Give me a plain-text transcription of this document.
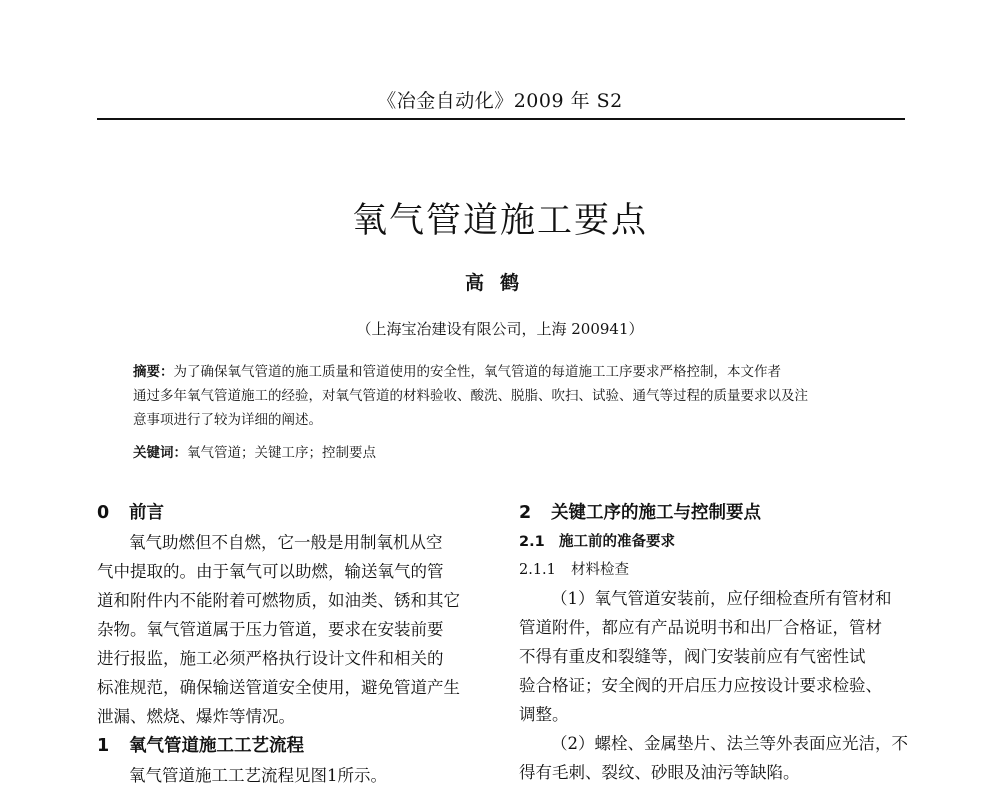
《冶金自动化》2009 年 S2
氧气管道施工要点
高鹤
（上海宝冶建设有限公司，上海 200941）
摘要：为了确保氧气管道的施工质量和管道使用的安全性，氧气管道的每道施工工序要求严格控制，本文作者
通过多年氧气管道施工的经验，对氧气管道的材料验收、酸洗、脱脂、吹扫、试验、通气等过程的质量要求以及注
意事项进行了较为详细的阐述。
关键词：氧气管道；关键工序；控制要点
0 前言
氧气助燃但不自燃，它一般是用制氧机从空
气中提取的。由于氧气可以助燃，输送氧气的管
道和附件内不能附着可燃物质，如油类、锈和其它
杂物。氧气管道属于压力管道，要求在安装前要
进行报监，施工必须严格执行设计文件和相关的
标准规范，确保输送管道安全使用，避免管道产生
泄漏、燃烧、爆炸等情况。
1 氧气管道施工工艺流程
氧气管道施工工艺流程见图1所示。
2 关键工序的施工与控制要点
2.1 施工前的准备要求
2.1.1 材料检查
（1）氧气管道安装前，应仔细检查所有管材和
管道附件，都应有产品说明书和出厂合格证，管材
不得有重皮和裂缝等，阀门安装前应有气密性试
验合格证；安全阀的开启压力应按设计要求检验、
调整。
（2）螺栓、金属垫片、法兰等外表面应光洁，不
得有毛刺、裂纹、砂眼及油污等缺陷。
